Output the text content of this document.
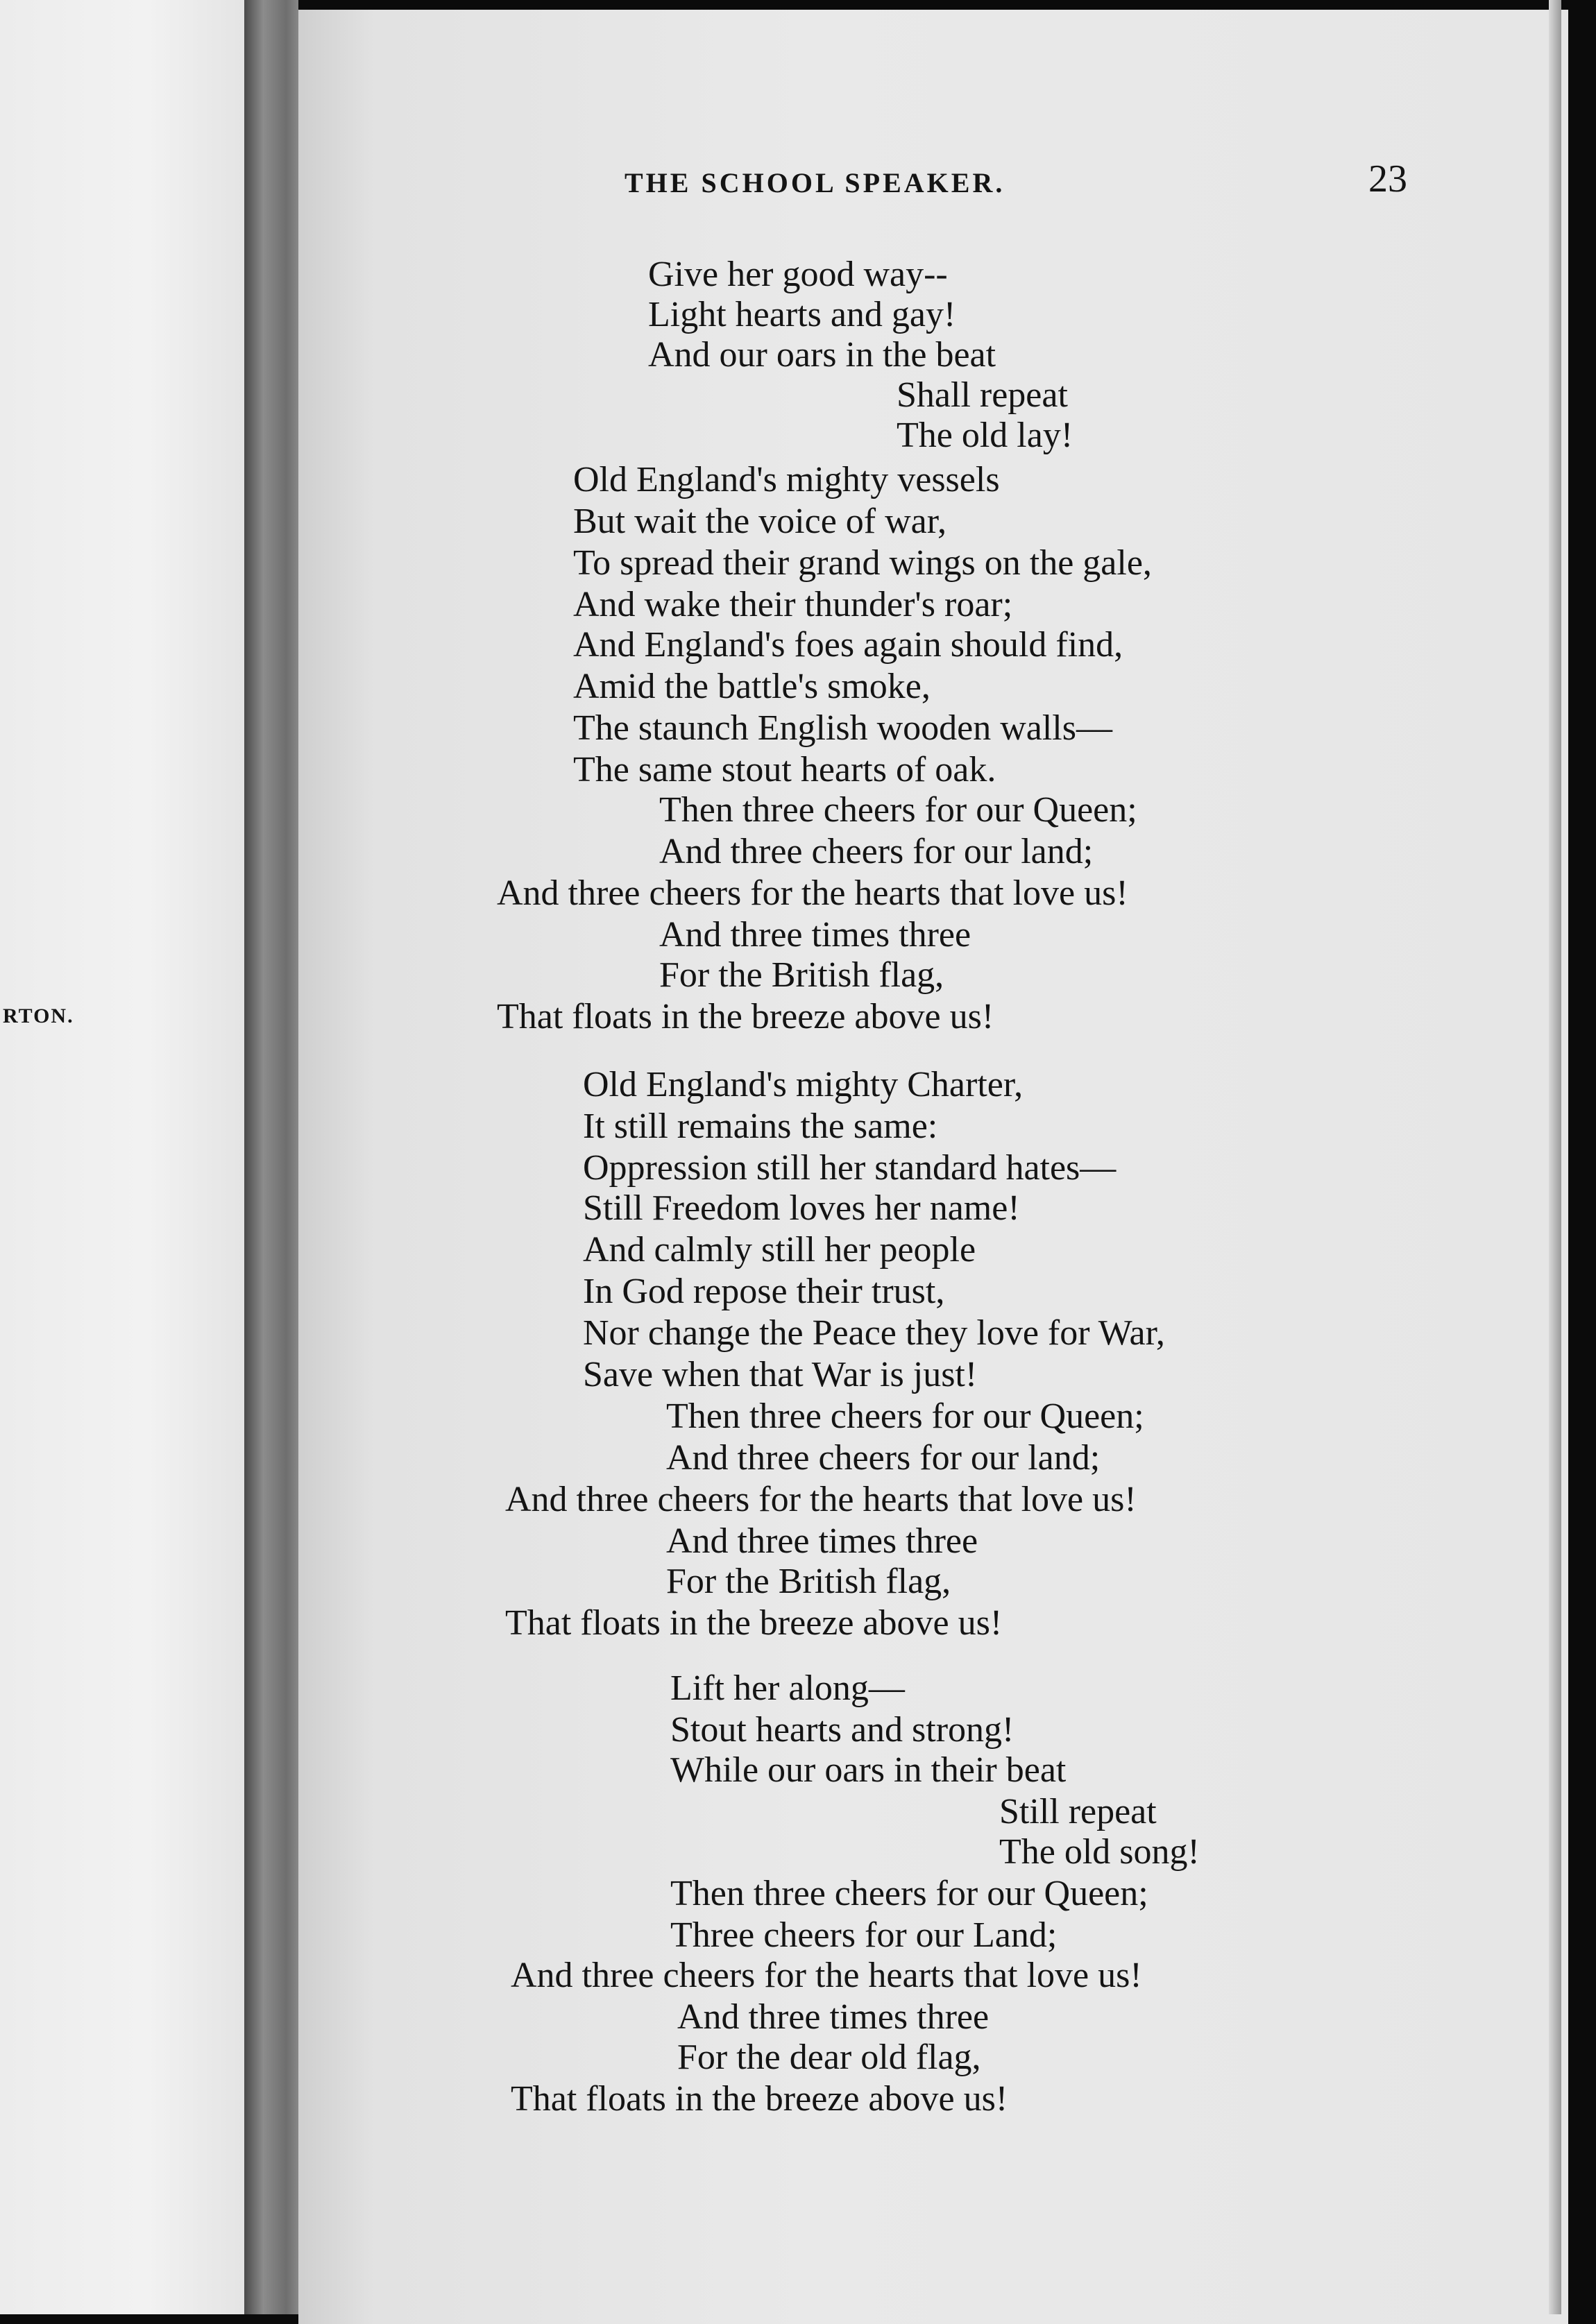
RTON.
THE SCHOOL SPEAKER.	23
Give her good way--
Light hearts and gay!
And our oars in the beat
Shall repeat
The old lay!
Old England's mighty vessels
But wait the voice of war,
To spread their grand wings on the gale,
And wake their thunder's roar;
And England's foes again should find,
Amid the battle's smoke,
The staunch English wooden walls—
The same stout hearts of oak.
Then three cheers for our Queen;
And three cheers for our land;
And three cheers for the hearts that love us!
And three times three
For the British flag,
That floats in the breeze above us!
Old England's mighty Charter,
It still remains the same:
Oppression still her standard hates—
Still Freedom loves her name!
And calmly still her people
In God repose their trust,
Nor change the Peace they love for War,
Save when that War is just!
Then three cheers for our Queen;
And three cheers for our land;
And three cheers for the hearts that love us!
And three times three
For the British flag,
That floats in the breeze above us!
Lift her along—
Stout hearts and strong!
While our oars in their beat
Still repeat
The old song!
Then three cheers for our Queen;
Three cheers for our Land;
And three cheers for the hearts that love us!
And three times three
For the dear old flag,
That floats in the breeze above us!
